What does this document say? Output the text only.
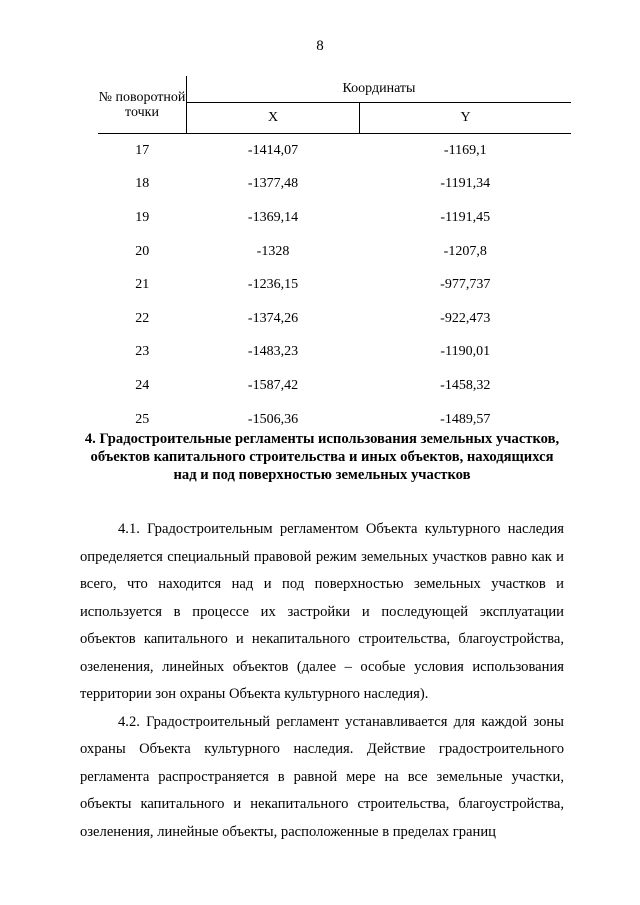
8
№ поворотной точки	Координаты	
	X	Y
17	-1414,07	-1169,1
18	-1377,48	-1191,34
19	-1369,14	-1191,45
20	-1328	-1207,8
21	-1236,15	-977,737
22	-1374,26	-922,473
23	-1483,23	-1190,01
24	-1587,42	-1458,32
25	-1506,36	-1489,57
4. Градостроительные регламенты использования земельных участков, объектов капитального строительства и иных объектов, находящихся над и под поверхностью земельных участков

4.1. Градостроительным регламентом Объекта культурного наследия определяется специальный правовой режим земельных участков равно как и всего, что находится над и под поверхностью земельных участков и используется в процессе их застройки и последующей эксплуатации объектов капитального и некапитального строительства, благоустройства, озеленения, линейных объектов (далее – особые условия использования территории зон охраны Объекта культурного наследия).

4.2. Градостроительный регламент устанавливается для каждой зоны охраны Объекта культурного наследия. Действие градостроительного регламента распространяется в равной мере на все земельные участки, объекты капитального и некапитального строительства, благоустройства, озеленения, линейные объекты, расположенные в пределах границ
